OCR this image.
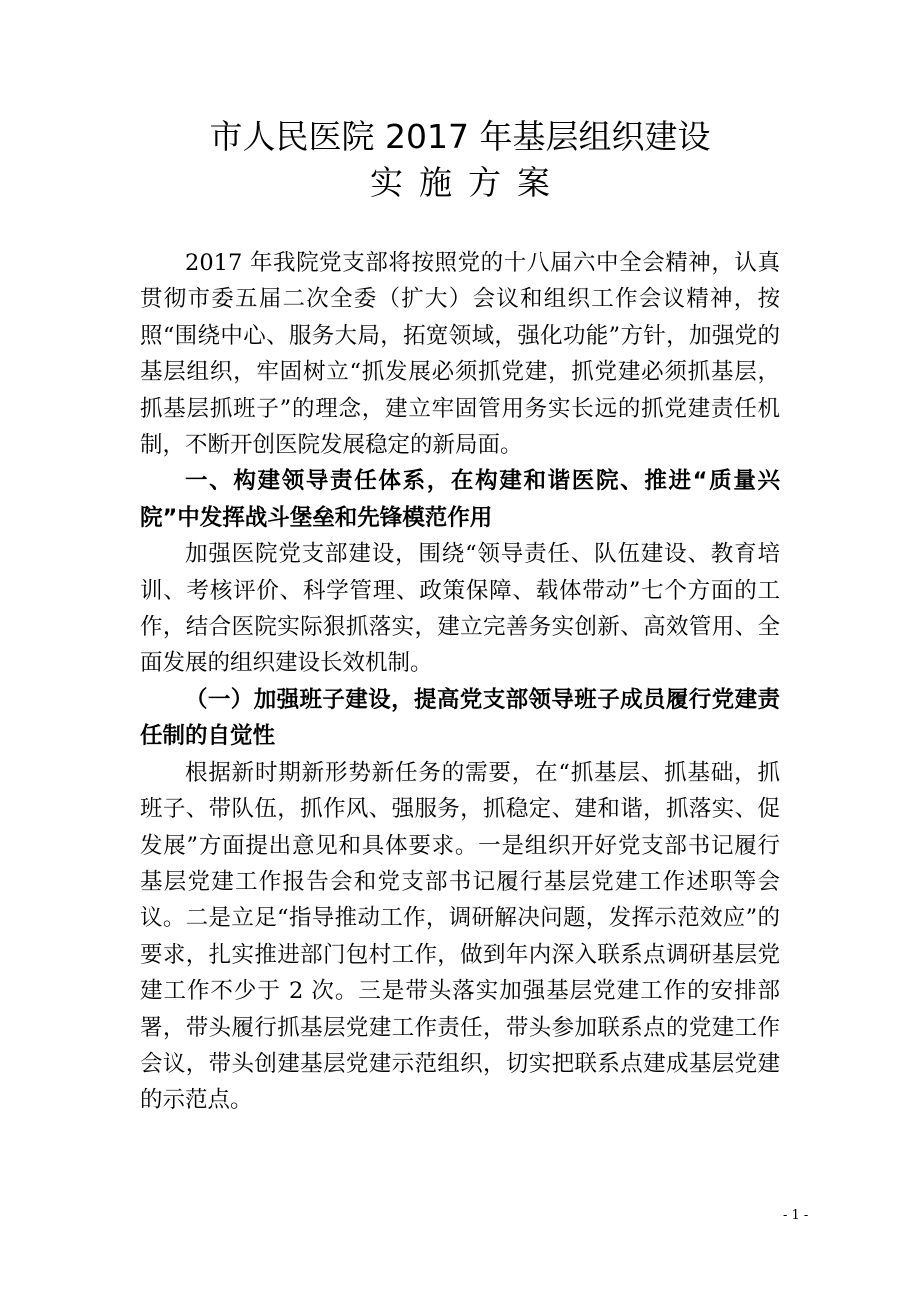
市人民医院 2017 年基层组织建设
实施方案

2017 年我院党支部将按照党的十八届六中全会精神，认真贯彻市委五届二次全委（扩大）会议和组织工作会议精神，按照“围绕中心、服务大局，拓宽领域，强化功能”方针，加强党的基层组织，牢固树立“抓发展必须抓党建，抓党建必须抓基层，抓基层抓班子”的理念，建立牢固管用务实长远的抓党建责任机制，不断开创医院发展稳定的新局面。

一、构建领导责任体系，在构建和谐医院、推进“质量兴院”中发挥战斗堡垒和先锋模范作用

加强医院党支部建设，围绕“领导责任、队伍建设、教育培训、考核评价、科学管理、政策保障、载体带动”七个方面的工作，结合医院实际狠抓落实，建立完善务实创新、高效管用、全面发展的组织建设长效机制。

（一）加强班子建设，提高党支部领导班子成员履行党建责任制的自觉性

根据新时期新形势新任务的需要，在“抓基层、抓基础，抓班子、带队伍，抓作风、强服务，抓稳定、建和谐，抓落实、促发展”方面提出意见和具体要求。一是组织开好党支部书记履行基层党建工作报告会和党支部书记履行基层党建工作述职等会议。二是立足“指导推动工作，调研解决问题，发挥示范效应”的要求，扎实推进部门包村工作，做到年内深入联系点调研基层党建工作不少于 2 次。三是带头落实加强基层党建工作的安排部署，带头履行抓基层党建工作责任，带头参加联系点的党建工作会议，带头创建基层党建示范组织，切实把联系点建成基层党建的示范点。

- 1 -
